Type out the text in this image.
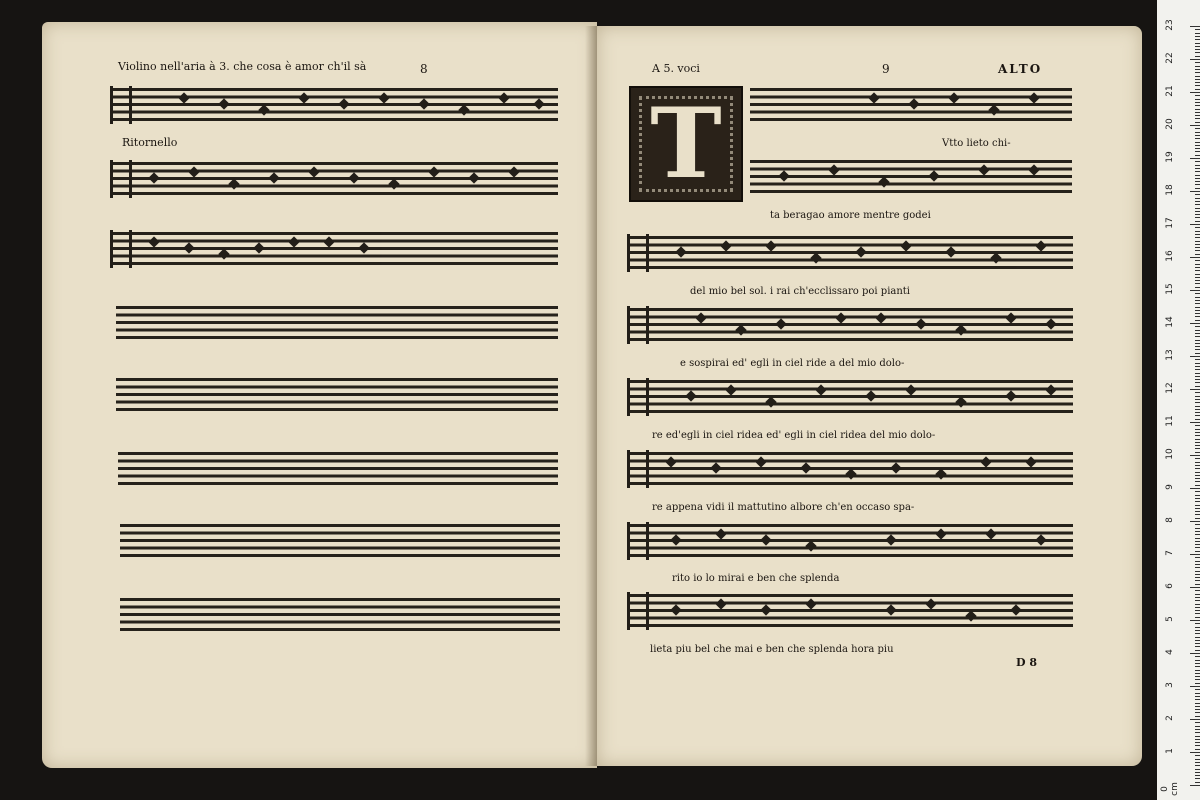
Violino nell'aria à 3. che cosa è amor ch'il sà	8
Ritornello
A 5. voci	9	ALTO
T	Vtto lieto chi-
ta beragao amore mentre godei
del mio bel sol. i rai ch'ecclissaro poi pianti
e sospirai ed' egli in ciel ride a del mio dolo-
re ed'egli in ciel ridea ed' egli in ciel ridea del mio dolo-
re appena vidi il mattutino albore ch'en occaso spa-
rito io lo mirai e ben che splenda
lieta piu bel che mai e ben che splenda hora piu
D 8
23
22
21
20
19
18
17
16
15
14
13
12
11
10
9
8
7
6
5
4
3
2
1
0 cm
